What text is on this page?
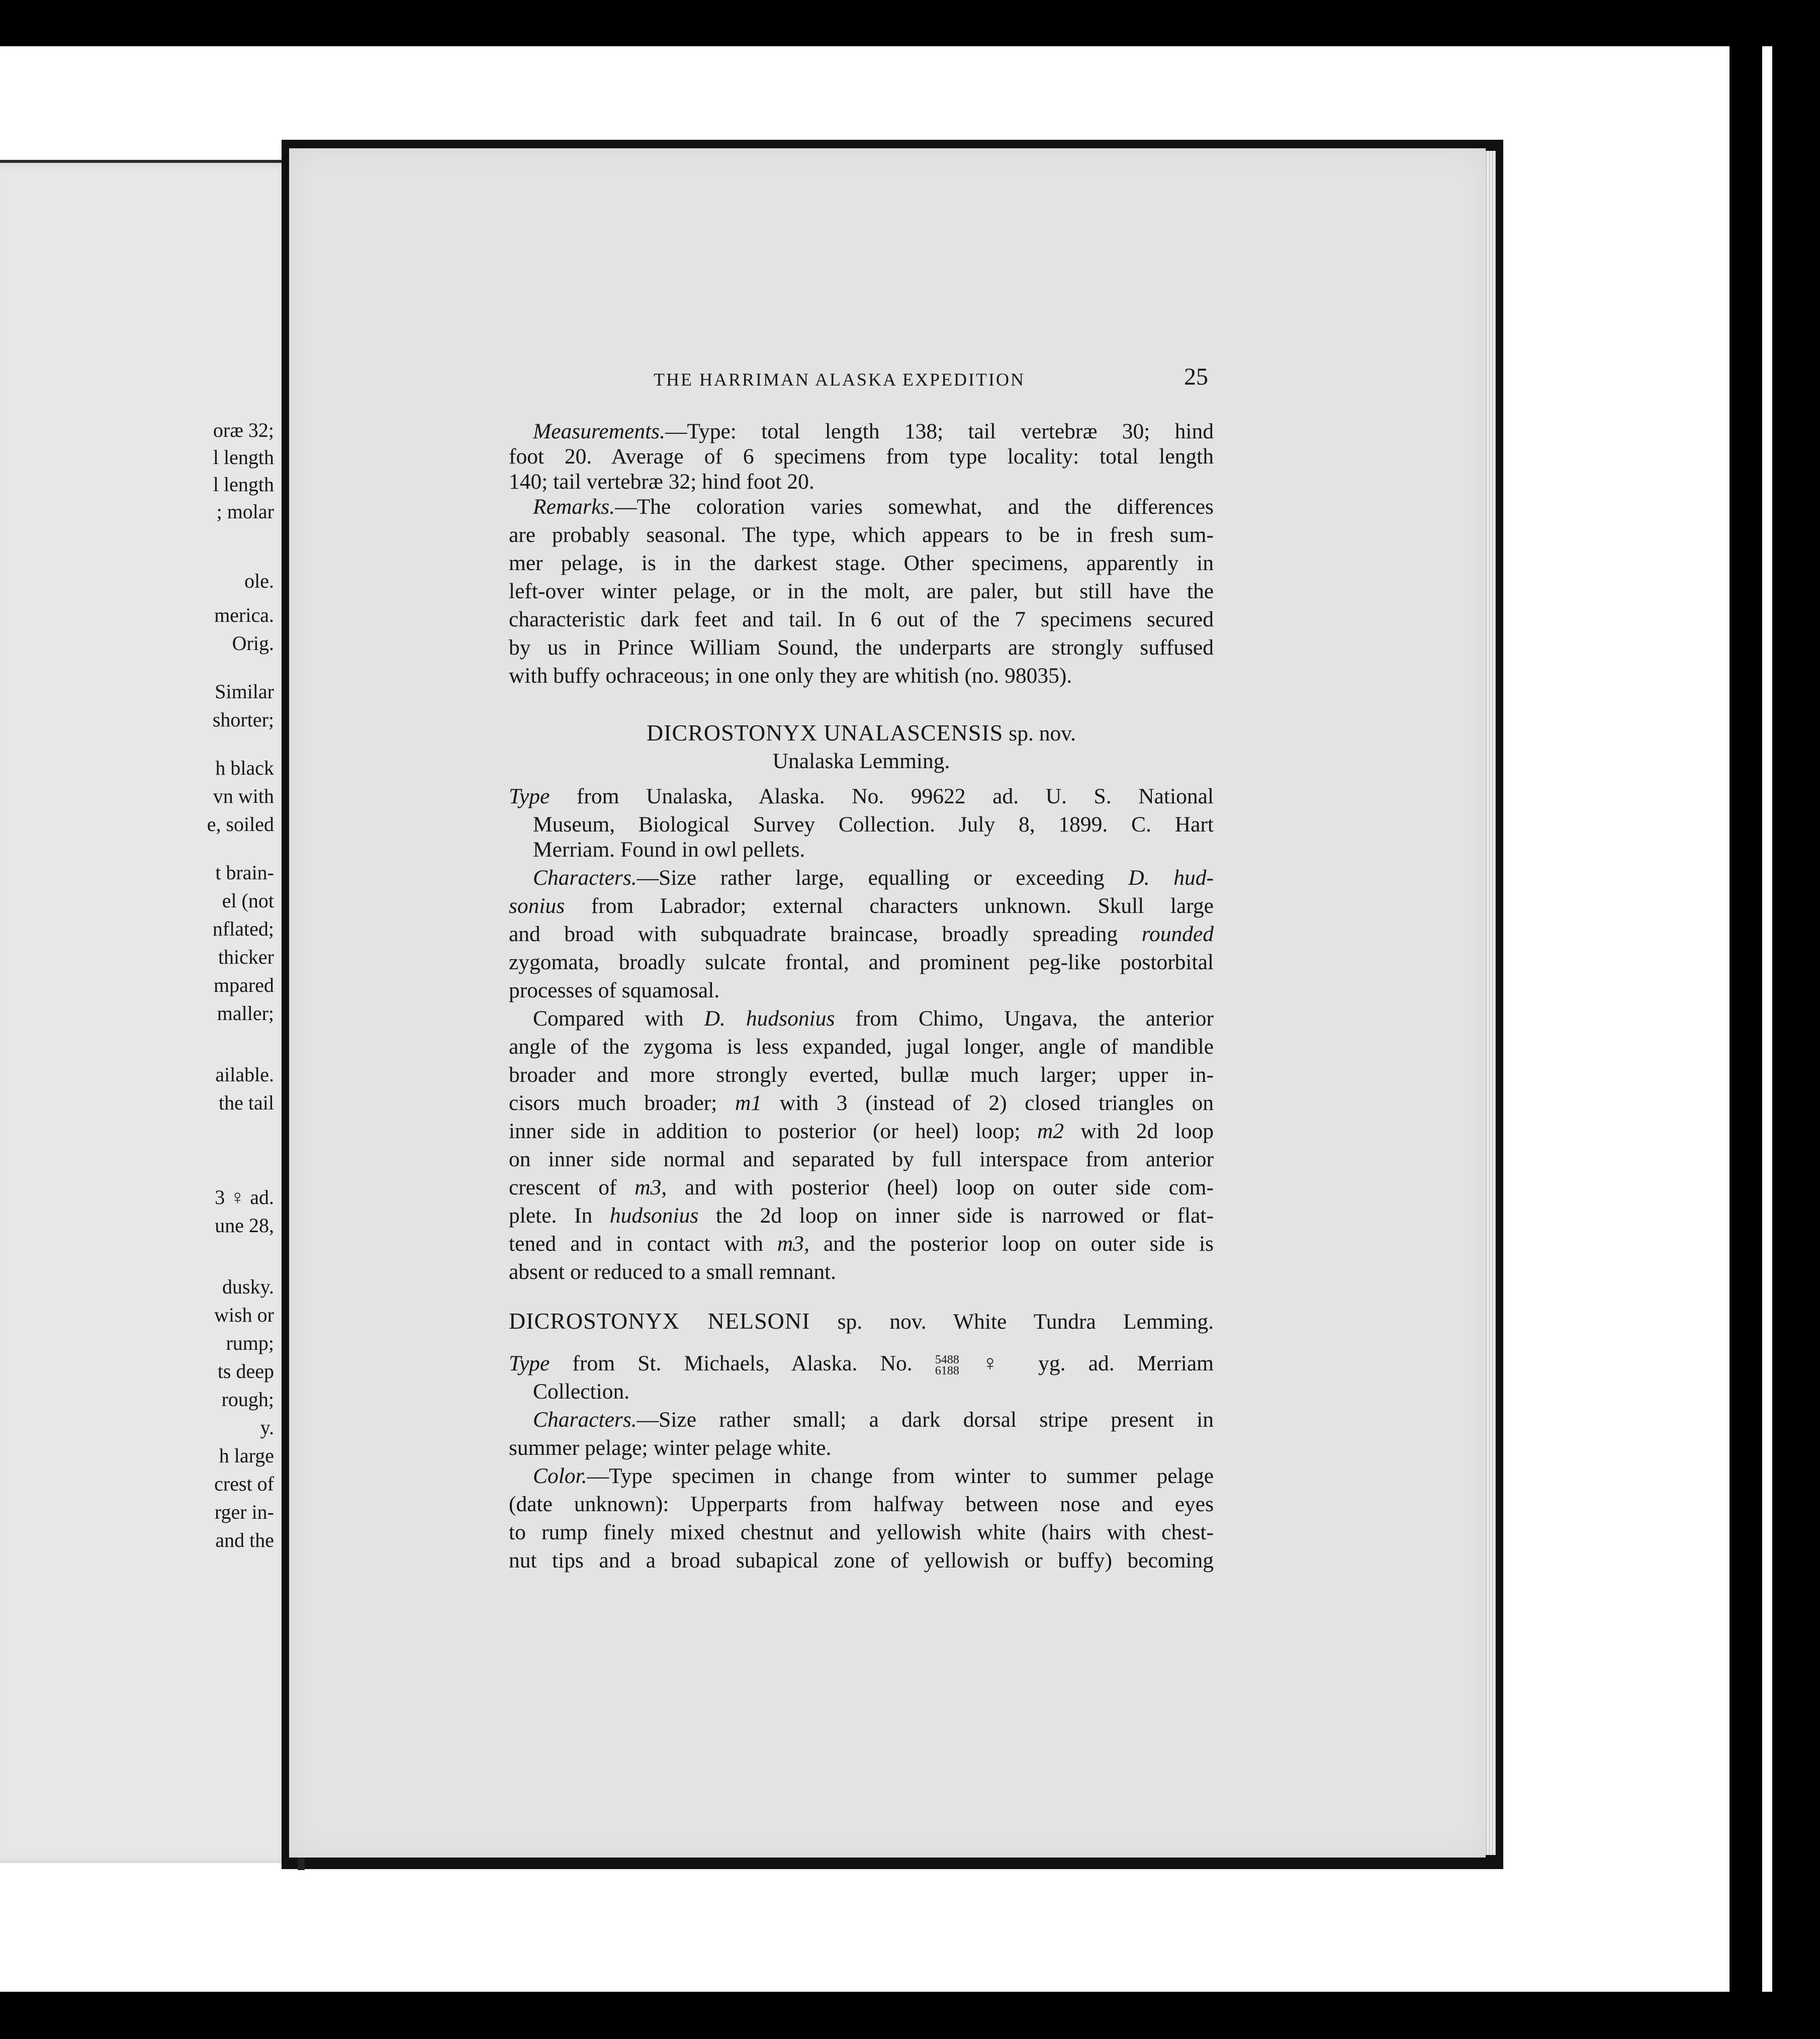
oræ 32;
l length
l length
; molar
ole.
merica.
Orig.
Similar
shorter;
h black
vn with
e, soiled
t brain-
el (not
nflated;
thicker
mpared
maller;
ailable.
the tail
3 ♀ ad.
une 28,
dusky.
wish or
rump;
ts deep
rough;
y.
h large
crest of
rger in-
and the
THE HARRIMAN ALASKA EXPEDITION	25
Measurements.—Type: total length 138; tail vertebræ 30; hind
foot 20. Average of 6 specimens from type locality: total length
140; tail vertebræ 32; hind foot 20.
Remarks.—The coloration varies somewhat, and the differences
are probably seasonal. The type, which appears to be in fresh sum-
mer pelage, is in the darkest stage. Other specimens, apparently in
left-over winter pelage, or in the molt, are paler, but still have the
characteristic dark feet and tail. In 6 out of the 7 specimens secured
by us in Prince William Sound, the underparts are strongly suffused
with buffy ochraceous; in one only they are whitish (no. 98035).
DICROSTONYX UNALASCENSIS sp. nov.
Unalaska Lemming.
Type from Unalaska, Alaska. No. 99622 ad. U. S. National
Museum, Biological Survey Collection. July 8, 1899. C. Hart
Merriam. Found in owl pellets.
Characters.—Size rather large, equalling or exceeding D. hud-
sonius from Labrador; external characters unknown. Skull large
and broad with subquadrate braincase, broadly spreading rounded
zygomata, broadly sulcate frontal, and prominent peg-like postorbital
processes of squamosal.
Compared with D. hudsonius from Chimo, Ungava, the anterior
angle of the zygoma is less expanded, jugal longer, angle of mandible
broader and more strongly everted, bullæ much larger; upper in-
cisors much broader; m1 with 3 (instead of 2) closed triangles on
inner side in addition to posterior (or heel) loop; m2 with 2d loop
on inner side normal and separated by full interspace from anterior
crescent of m3, and with posterior (heel) loop on outer side com-
plete. In hudsonius the 2d loop on inner side is narrowed or flat-
tened and in contact with m3, and the posterior loop on outer side is
absent or reduced to a small remnant.
DICROSTONYX NELSONI sp. nov. White Tundra Lemming.
Type from St. Michaels, Alaska. No. 5488
6188 ♀ yg. ad. Merriam
Collection.
Characters.—Size rather small; a dark dorsal stripe present in
summer pelage; winter pelage white.
Color.—Type specimen in change from winter to summer pelage
(date unknown): Upperparts from halfway between nose and eyes
to rump finely mixed chestnut and yellowish white (hairs with chest-
nut tips and a broad subapical zone of yellowish or buffy) becoming
